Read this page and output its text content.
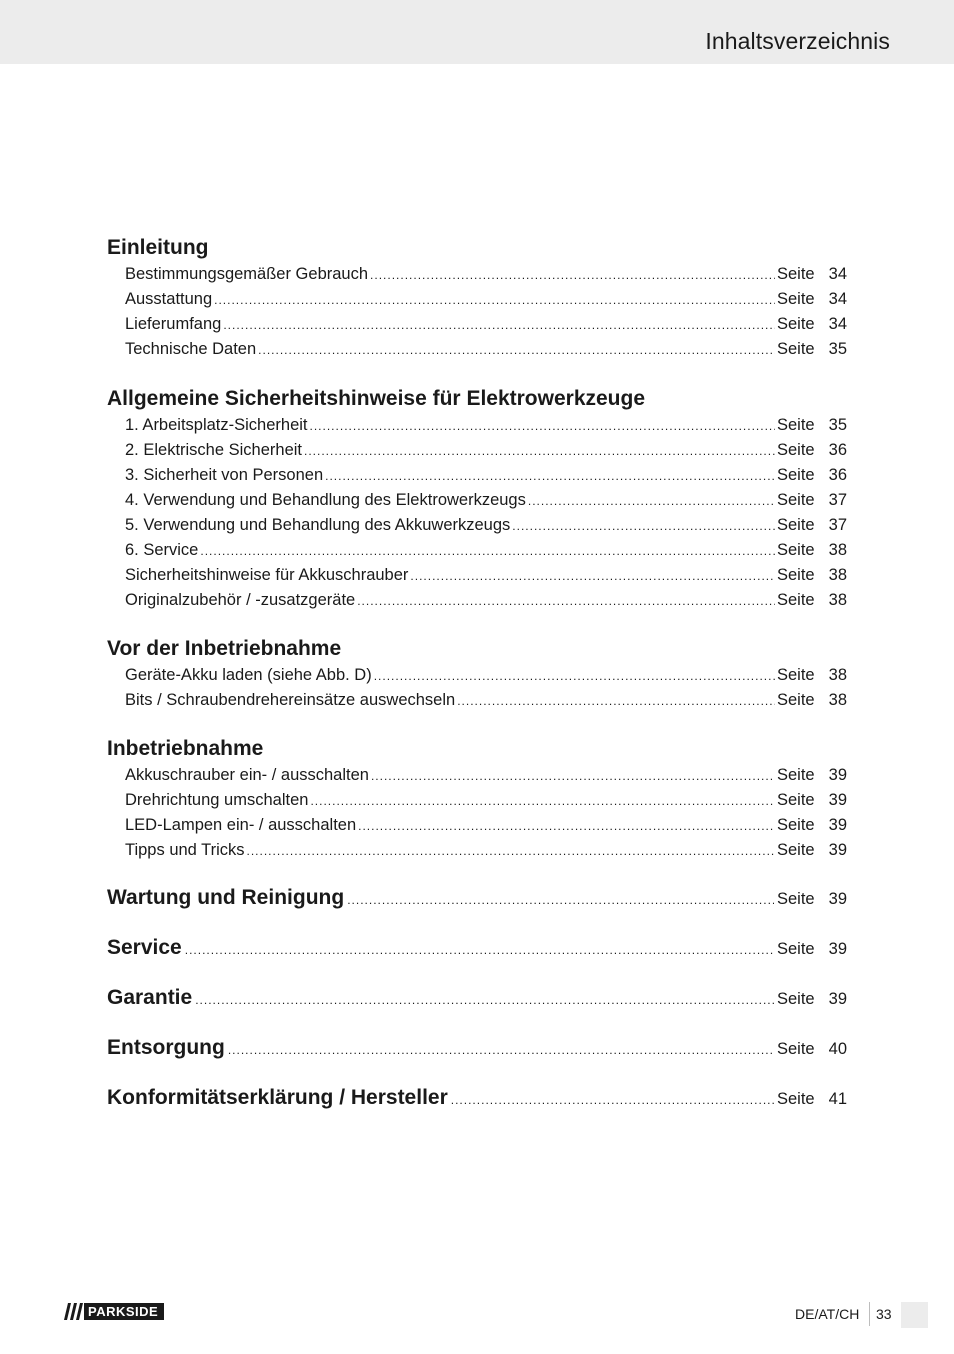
Inhaltsverzeichnis
Einleitung
Bestimmungsgemäßer Gebrauch .....	Seite 34
Ausstattung .....	Seite 34
Lieferumfang .....	Seite 34
Technische Daten .....	Seite 35
Allgemeine Sicherheitshinweise für Elektrowerkzeuge
1. Arbeitsplatz-Sicherheit .....	Seite 35
2. Elektrische Sicherheit .....	Seite 36
3. Sicherheit von Personen .....	Seite 36
4. Verwendung und Behandlung des Elektrowerkzeugs .....	Seite 37
5. Verwendung und Behandlung des Akkuwerkzeugs .....	Seite 37
6. Service .....	Seite 38
Sicherheitshinweise für Akkuschrauber .....	Seite 38
Originalzubehör / -zusatzgeräte .....	Seite 38
Vor der Inbetriebnahme
Geräte-Akku laden (siehe Abb. D) .....	Seite 38
Bits / Schraubendrehereinsätze auswechseln .....	Seite 38
Inbetriebnahme
Akkuschrauber ein- / ausschalten .....	Seite 39
Drehrichtung umschalten .....	Seite 39
LED-Lampen ein- / ausschalten .....	Seite 39
Tipps und Tricks .....	Seite 39
Wartung und Reinigung .....	Seite 39
Service .....	Seite 39
Garantie .....	Seite 39
Entsorgung .....	Seite 40
Konformitätserklärung / Hersteller .....	Seite 41
PARKSIDE	DE/AT/CH 33
